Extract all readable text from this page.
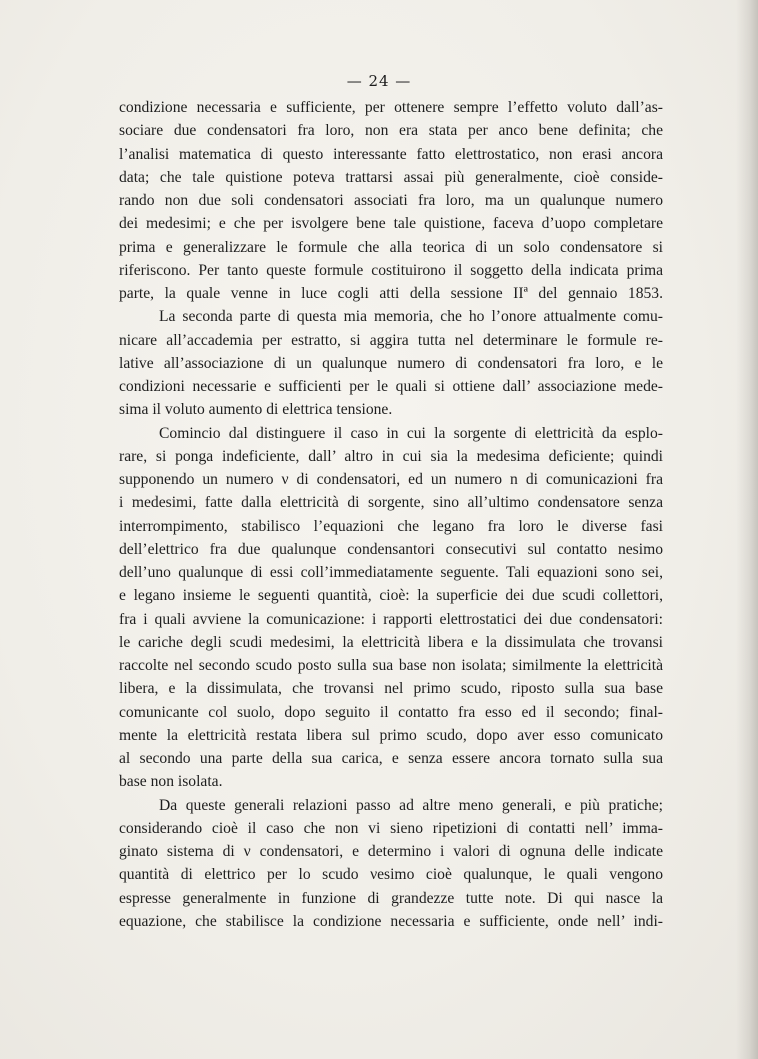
— 24 —
condizione necessaria e sufficiente, per ottenere sempre l’effetto voluto dall’as-
sociare due condensatori fra loro, non era stata per anco bene definita; che
l’analisi matematica di questo interessante fatto elettrostatico, non erasi ancora
data; che tale quistione poteva trattarsi assai più generalmente, cioè conside-
rando non due soli condensatori associati fra loro, ma un qualunque numero
dei medesimi; e che per isvolgere bene tale quistione, faceva d’uopo completare
prima e generalizzare le formule che alla teorica di un solo condensatore si
riferiscono. Per tanto queste formule costituirono il soggetto della indicata prima
parte, la quale venne in luce cogli atti della sessione IIª del gennaio 1853.
La seconda parte di questa mia memoria, che ho l’onore attualmente comu-
nicare all’accademia per estratto, si aggira tutta nel determinare le formule re-
lative all’associazione di un qualunque numero di condensatori fra loro, e le
condizioni necessarie e sufficienti per le quali si ottiene dall’ associazione mede-
sima il voluto aumento di elettrica tensione.
Comincio dal distinguere il caso in cui la sorgente di elettricità da esplo-
rare, si ponga indeficiente, dall’ altro in cui sia la medesima deficiente; quindi
supponendo un numero ν di condensatori, ed un numero n di comunicazioni fra
i medesimi, fatte dalla elettricità di sorgente, sino all’ultimo condensatore senza
interrompimento, stabilisco l’equazioni che legano fra loro le diverse fasi
dell’elettrico fra due qualunque condensantori consecutivi sul contatto nesimo
dell’uno qualunque di essi coll’immediatamente seguente. Tali equazioni sono sei,
e legano insieme le seguenti quantità, cioè: la superficie dei due scudi collettori,
fra i quali avviene la comunicazione: i rapporti elettrostatici dei due condensatori:
le cariche degli scudi medesimi, la elettricità libera e la dissimulata che trovansi
raccolte nel secondo scudo posto sulla sua base non isolata; similmente la elettricità
libera, e la dissimulata, che trovansi nel primo scudo, riposto sulla sua base
comunicante col suolo, dopo seguito il contatto fra esso ed il secondo; final-
mente la elettricità restata libera sul primo scudo, dopo aver esso comunicato
al secondo una parte della sua carica, e senza essere ancora tornato sulla sua
base non isolata.
Da queste generali relazioni passo ad altre meno generali, e più pratiche;
considerando cioè il caso che non vi sieno ripetizioni di contatti nell’ imma-
ginato sistema di ν condensatori, e determino i valori di ognuna delle indicate
quantità di elettrico per lo scudo νesimo cioè qualunque, le quali vengono
espresse generalmente in funzione di grandezze tutte note. Di qui nasce la
equazione, che stabilisce la condizione necessaria e sufficiente, onde nell’ indi-
